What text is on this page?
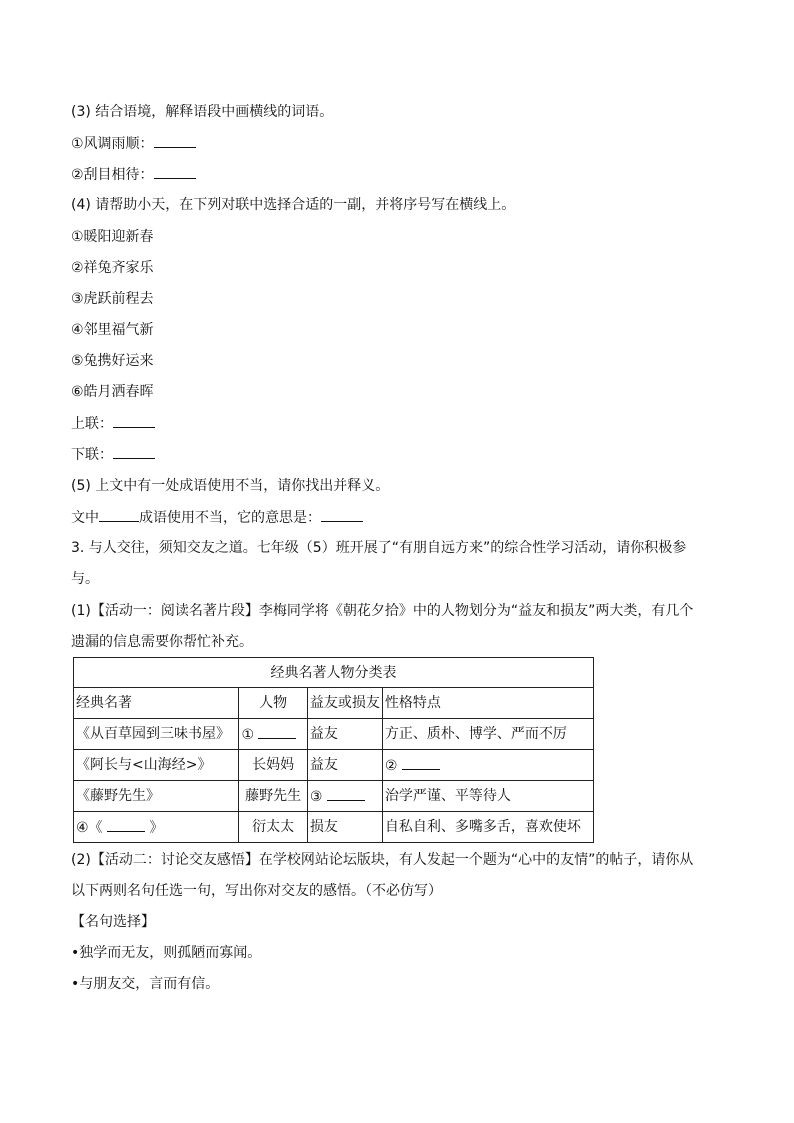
(3) 结合语境，解释语段中画横线的词语。
①风调雨顺：
②刮目相待：
(4) 请帮助小天，在下列对联中选择合适的一副，并将序号写在横线上。
①暖阳迎新春
②祥兔齐家乐
③虎跃前程去
④邻里福气新
⑤兔携好运来
⑥皓月洒春晖
上联：
下联：
(5) 上文中有一处成语使用不当，请你找出并释义。
文中	成语使用不当，它的意思是：
3. 与人交往，须知交友之道。七年级（5）班开展了“有朋自远方来”的综合性学习活动，请你积极参
与。
(1)【活动一：阅读名著片段】李梅同学将《朝花夕拾》中的人物划分为“益友和损友”两大类，有几个
遗漏的信息需要你帮忙补充。
经典名著人物分类表			
经典名著	人物	益友或损友	性格特点
《从百草园到三味书屋》	①	益友	方正、质朴、博学、严而不厉
《阿长与<山海经>》	长妈妈	益友	②
《藤野先生》	藤野先生	③	治学严谨、平等待人
④《 》	衍太太	损友	自私自利、多嘴多舌，喜欢使坏
(2)【活动二：讨论交友感悟】在学校网站论坛版块，有人发起一个题为“心中的友情”的帖子，请你从
以下两则名句任选一句，写出你对交友的感悟。（不必仿写）
【名句选择】
•独学而无友，则孤陋而寡闻。
•与朋友交，言而有信。
